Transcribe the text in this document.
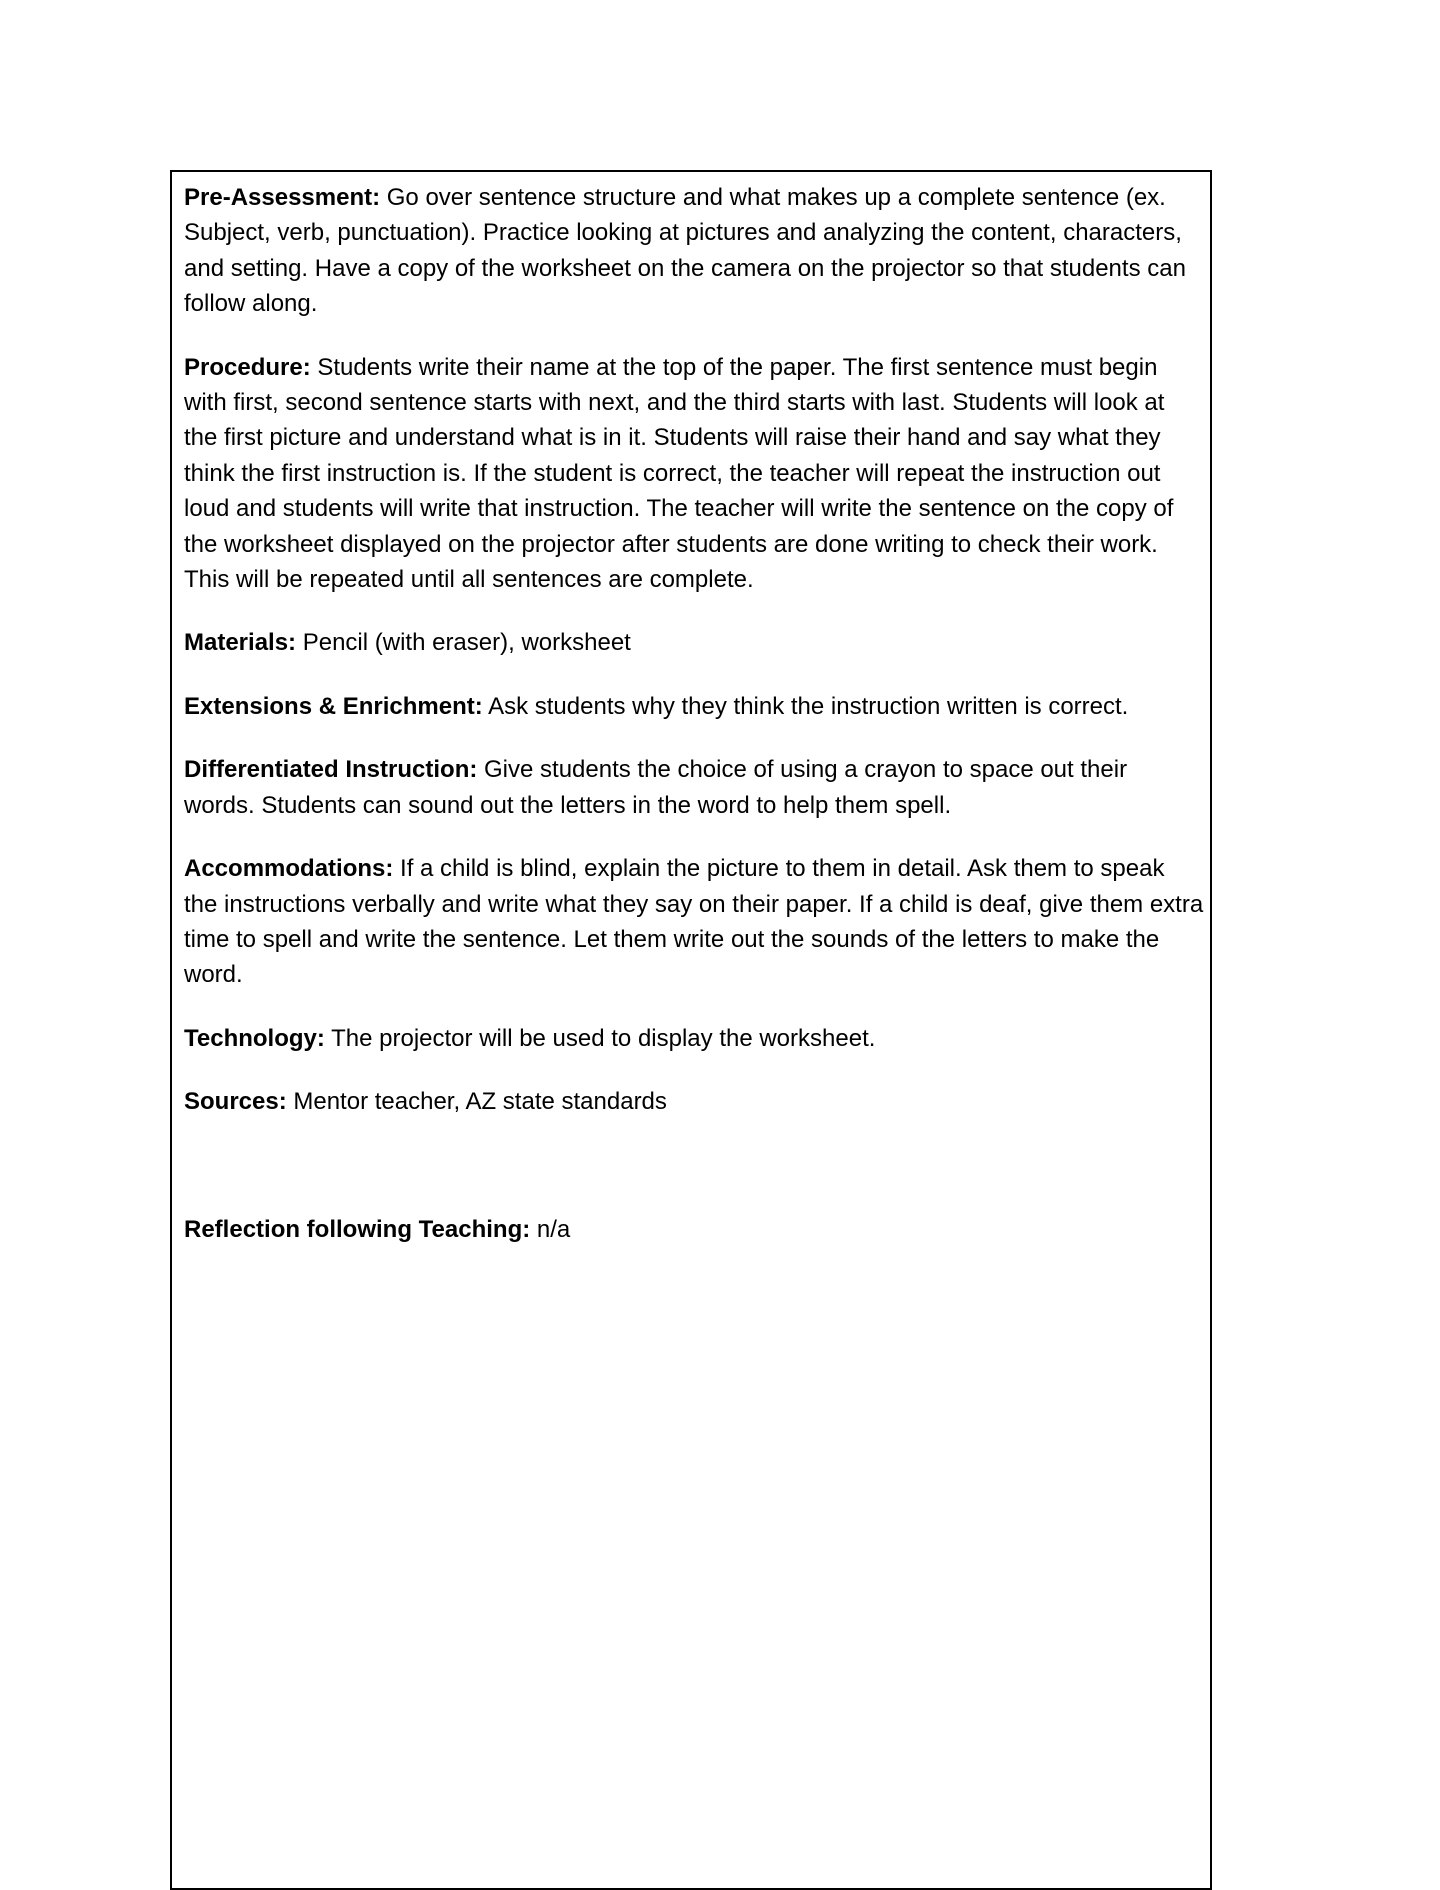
Pre-Assessment: Go over sentence structure and what makes up a complete sentence (ex. Subject, verb, punctuation). Practice looking at pictures and analyzing the content, characters, and setting. Have a copy of the worksheet on the camera on the projector so that students can follow along.

Procedure: Students write their name at the top of the paper. The first sentence must begin with first, second sentence starts with next, and the third starts with last. Students will look at the first picture and understand what is in it. Students will raise their hand and say what they think the first instruction is. If the student is correct, the teacher will repeat the instruction out loud and students will write that instruction. The teacher will write the sentence on the copy of the worksheet displayed on the projector after students are done writing to check their work. This will be repeated until all sentences are complete.

Materials: Pencil (with eraser), worksheet

Extensions & Enrichment: Ask students why they think the instruction written is correct.

Differentiated Instruction: Give students the choice of using a crayon to space out their words. Students can sound out the letters in the word to help them spell.

Accommodations: If a child is blind, explain the picture to them in detail. Ask them to speak the instructions verbally and write what they say on their paper. If a child is deaf, give them extra time to spell and write the sentence. Let them write out the sounds of the letters to make the word.

Technology: The projector will be used to display the worksheet.

Sources: Mentor teacher, AZ state standards

Reflection following Teaching: n/a
